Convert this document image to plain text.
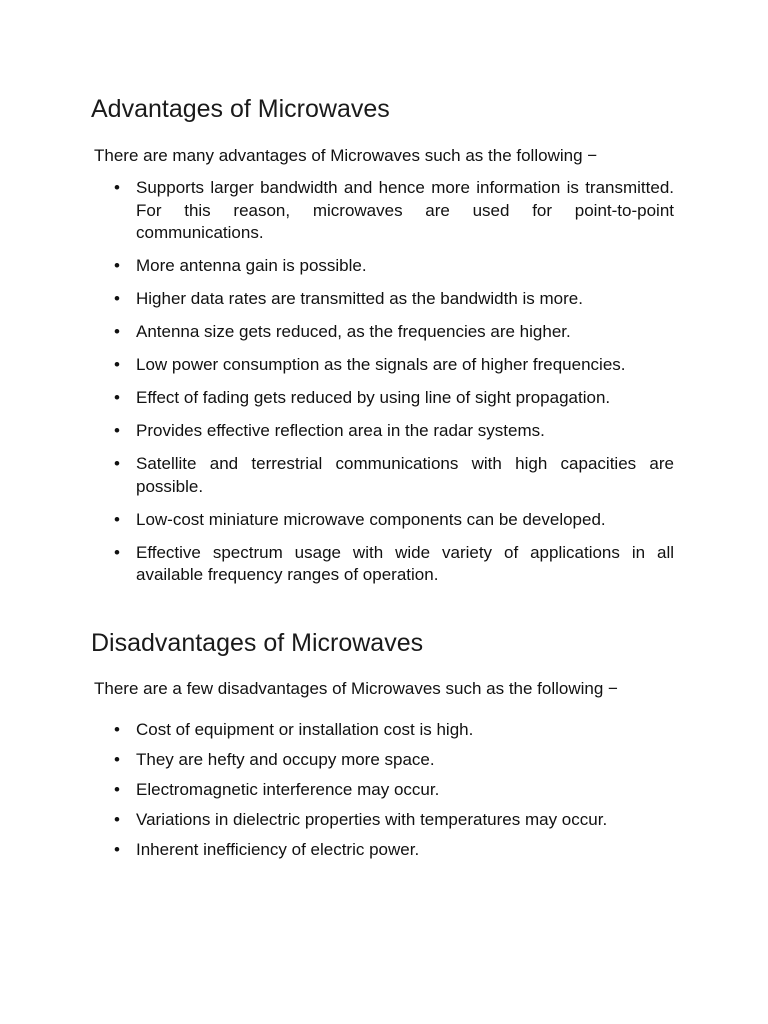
Advantages of Microwaves

There are many advantages of Microwaves such as the following −

• Supports larger bandwidth and hence more information is transmitted. For this reason, microwaves are used for point-to-point communications.
• More antenna gain is possible.
• Higher data rates are transmitted as the bandwidth is more.
• Antenna size gets reduced, as the frequencies are higher.
• Low power consumption as the signals are of higher frequencies.
• Effect of fading gets reduced by using line of sight propagation.
• Provides effective reflection area in the radar systems.
• Satellite and terrestrial communications with high capacities are possible.
• Low-cost miniature microwave components can be developed.
• Effective spectrum usage with wide variety of applications in all available frequency ranges of operation.
Disadvantages of Microwaves

There are a few disadvantages of Microwaves such as the following −

• Cost of equipment or installation cost is high.
• They are hefty and occupy more space.
• Electromagnetic interference may occur.
• Variations in dielectric properties with temperatures may occur.
• Inherent inefficiency of electric power.
